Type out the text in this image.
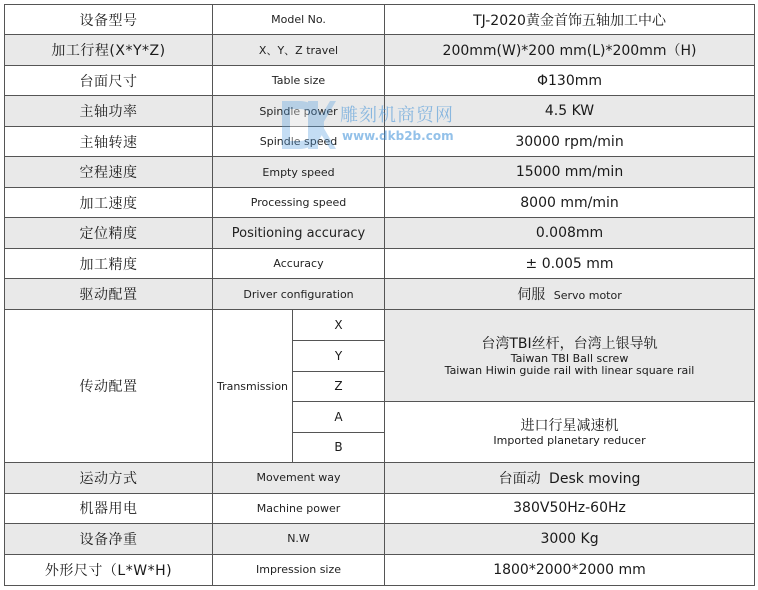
设备型号	Model No.		TJ-2020黄金首饰五轴加工中心
加工行程(X*Y*Z)	X、Y、Z travel		200mm(W)*200 mm(L)*200mm（H)
台面尺寸	Table size		Φ130mm
主轴功率	Spindle power		4.5 KW
主轴转速	Spindle speed		30000 rpm/min
空程速度	Empty speed		15000 mm/min
加工速度	Processing speed		8000 mm/min
定位精度	Positioning accuracy		0.008mm
加工精度	Accuracy		± 0.005 mm
驱动配置	Driver configuration		伺服 Servo motor
传动配置	Transmission	X	台湾TBI丝杆，台湾上银导轨
Taiwan TBI Ball screw
Taiwan Hiwin guide rail with linear square rail

		Y	
		Z	
		A	进口行星减速机
Imported planetary reducer

		B	
运动方式	Movement way		台面动 Desk moving
机器用电	Machine power		380V50Hz-60Hz
设备净重	N.W		3000 Kg
外形尺寸（L*W*H)	Impression size		1800*2000*2000 mm
雕刻机商贸网
www.dkb2b.com
